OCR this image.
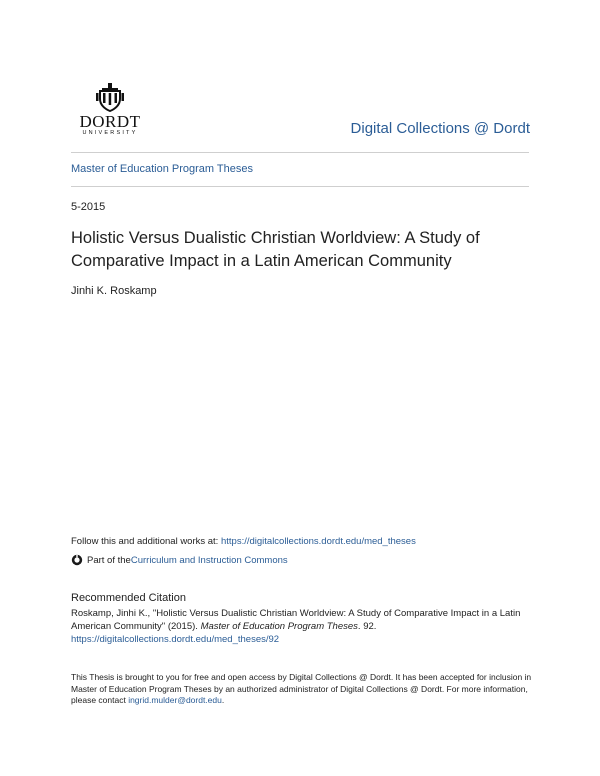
DORDT
UNIVERSITY	Digital Collections @ Dordt
Master of Education Program Theses
5-2015
Holistic Versus Dualistic Christian Worldview: A Study of Comparative Impact in a Latin American Community
Jinhi K. Roskamp
Follow this and additional works at: https://digitalcollections.dordt.edu/med_theses
Part of the Curriculum and Instruction Commons
Recommended Citation
Roskamp, Jinhi K., "Holistic Versus Dualistic Christian Worldview: A Study of Comparative Impact in a Latin American Community" (2015). Master of Education Program Theses. 92.
https://digitalcollections.dordt.edu/med_theses/92
This Thesis is brought to you for free and open access by Digital Collections @ Dordt. It has been accepted for inclusion in Master of Education Program Theses by an authorized administrator of Digital Collections @ Dordt. For more information, please contact ingrid.mulder@dordt.edu.
